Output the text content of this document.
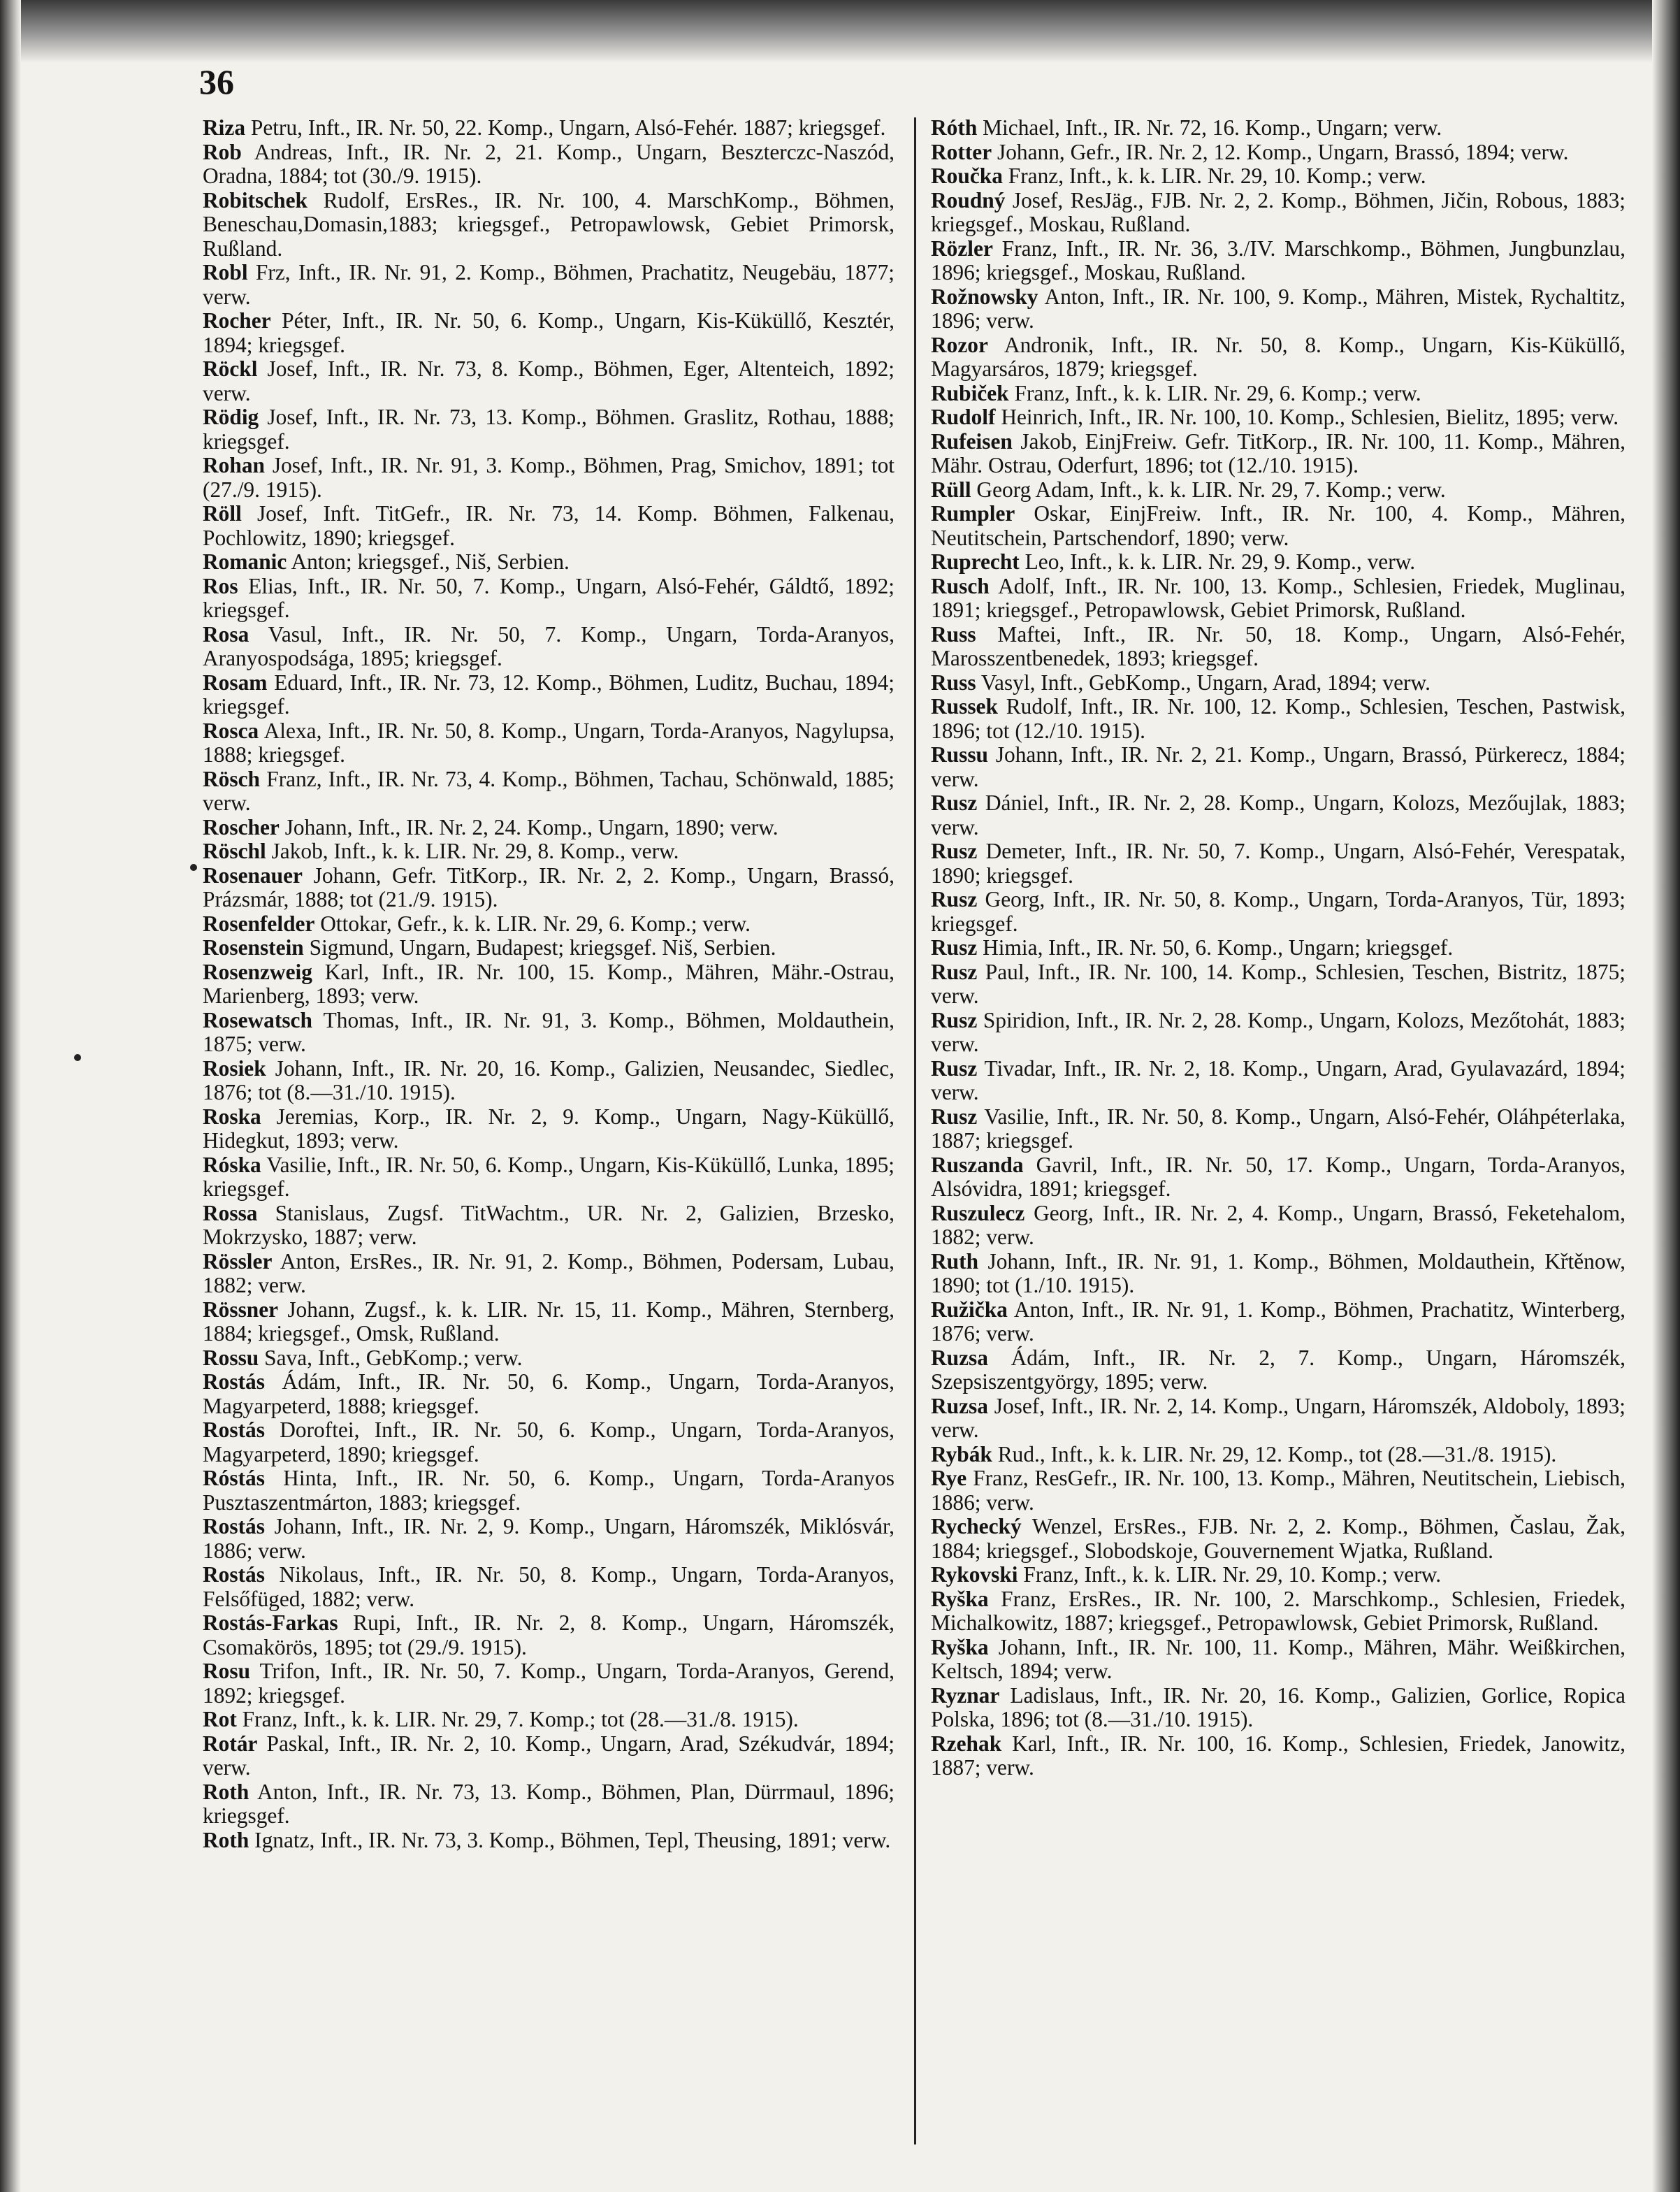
36
Riza Petru, Inft., IR. Nr. 50, 22. Komp., Ungarn, Alsó-Fehér. 1887; kriegsgef.
Rob Andreas, Inft., IR. Nr. 2, 21. Komp., Ungarn, Beszterczc-Naszód, Oradna, 1884; tot (30./9. 1915).
Robitschek Rudolf, ErsRes., IR. Nr. 100, 4. MarschKomp., Böhmen, Beneschau,Domasin,1883; kriegsgef., Petropawlowsk, Gebiet Primorsk, Rußland.
Robl Fr⁠z, Inft., IR. Nr. 91, 2. Komp., Böhmen, Prachatitz, Neugebäu, 1877; verw.
Rocher Péter, Inft., IR. Nr. 50, 6. Komp., Ungarn, Kis-Küküllő, Kesztér, 1894; kriegsgef.
Röckl Josef, Inft., IR. Nr. 73, 8. Komp., Böhmen, Eger, Altenteich, 1892; verw.
Rödig Josef, Inft., IR. Nr. 73, 13. Komp., Böhmen. Graslitz, Rothau, 1888; kriegsgef.
Rohan Josef, Inft., IR. Nr. 91, 3. Komp., Böhmen, Prag, Smichov, 1891; tot (27./9. 1915).
Röll Josef, Inft. TitGefr., IR. Nr. 73, 14. Komp. Böhmen, Falkenau, Pochlowitz, 1890; kriegsgef.
Romanic Anton; kriegsgef., Niš, Serbien.
Ros Elias, Inft., IR. Nr. 50, 7. Komp., Ungarn, Alsó-Fehér, Gáldtő, 1892; kriegsgef.
Rosa Vasul, Inft., IR. Nr. 50, 7. Komp., Ungarn, Torda-Aranyos, Aranyospodsága, 1895; kriegsgef.
Rosam Eduard, Inft., IR. Nr. 73, 12. Komp., Böhmen, Luditz, Buchau, 1894; kriegsgef.
Rosca Alexa, Inft., IR. Nr. 50, 8. Komp., Ungarn, Torda-Aranyos, Nagylupsa, 1888; kriegsgef.
Rösch Franz, Inft., IR. Nr. 73, 4. Komp., Böhmen, Tachau, Schönwald, 1885; verw.
Roscher Johann, Inft., IR. Nr. 2, 24. Komp., Ungarn, 1890; verw.
Röschl Jakob, Inft., k. k. LIR. Nr. 29, 8. Komp., verw.
Rosenauer Johann, Gefr. TitKorp., IR. Nr. 2, 2. Komp., Ungarn, Brassó, Prázsmár, 1888; tot (21./9. 1915).
Rosenfelder Ottokar, Gefr., k. k. LIR. Nr. 29, 6. Komp.; verw.
Rosenstein Sigmund, Ungarn, Budapest; kriegsgef. Niš, Serbien.
Rosenzweig Karl, Inft., IR. Nr. 100, 15. Komp., Mähren, Mähr.-Ostrau, Marienberg, 1893; verw.
Rosewatsch Thomas, Inft., IR. Nr. 91, 3. Komp., Böhmen, Moldauthein, 1875; verw.
Rosiek Johann, Inft., IR. Nr. 20, 16. Komp., Galizien, Neusandec, Siedlec, 1876; tot (8.—31./10. 1915).
Roska Jeremias, Korp., IR. Nr. 2, 9. Komp., Ungarn, Nagy-Küküllő, Hidegkut, 1893; verw.
Róska Vasilie, Inft., IR. Nr. 50, 6. Komp., Ungarn, Kis-Küküllő, Lunka, 1895; kriegsgef.
Rossa Stanislaus, Zugsf. TitWachtm., UR. Nr. 2, Galizien, Brzesko, Mokrzysko, 1887; verw.
Rössler Anton, ErsRes., IR. Nr. 91, 2. Komp., Böhmen, Podersam, Lubau, 1882; verw.
Rössner Johann, Zugsf., k. k. LIR. Nr. 15, 11. Komp., Mähren, Sternberg, 1884; kriegsgef., Omsk, Rußland.
Rossu Sava, Inft., GebKomp.; verw.
Rostás Ádám, Inft., IR. Nr. 50, 6. Komp., Ungarn, Torda-Aranyos, Magyarpeterd, 1888; kriegsgef.
Rostás Doroftei, Inft., IR. Nr. 50, 6. Komp., Ungarn, Torda-Aranyos, Magyarpeterd, 1890; kriegsgef.
Róstás Hinta, Inft., IR. Nr. 50, 6. Komp., Ungarn, Torda-Aranyos Pusztaszentmárton, 1883; kriegsgef.
Rostás Johann, Inft., IR. Nr. 2, 9. Komp., Ungarn, Háromszék, Miklósvár, 1886; verw.
Rostás Nikolaus, Inft., IR. Nr. 50, 8. Komp., Ungarn, Torda-Aranyos, Felsőfüged, 1882; verw.
Rostás-Farkas Rupi, Inft., IR. Nr. 2, 8. Komp., Ungarn, Háromszék, Csomakörös, 1895; tot (29./9. 1915).
Rosu Trifon, Inft., IR. Nr. 50, 7. Komp., Ungarn, Torda-Aranyos, Gerend, 1892; kriegsgef.
Rot Franz, Inft., k. k. LIR. Nr. 29, 7. Komp.; tot (28.—31./8. 1915).
Rotár Paskal, Inft., IR. Nr. 2, 10. Komp., Ungarn, Arad, Székudvár, 1894; verw.
Roth Anton, Inft., IR. Nr. 73, 13. Komp., Böhmen, Plan, Dürrmaul, 1896; kriegsgef.
Roth Ignatz, Inft., IR. Nr. 73, 3. Komp., Böhmen, Tepl, Theusing, 1891; verw.
Róth Michael, Inft., IR. Nr. 72, 16. Komp., Ungarn; verw.
Rotter Johann, Gefr., IR. Nr. 2, 12. Komp., Ungarn, Brassó, 1894; verw.
Roučka Franz, Inft., k. k. LIR. Nr. 29, 10. Komp.; verw.
Roudný Josef, ResJäg., FJB. Nr. 2, 2. Komp., Böhmen, Jičin, Robous, 1883; kriegsgef., Moskau, Rußland.
Rözler Franz, Inft., IR. Nr. 36, 3./IV. Marschkomp., Böhmen, Jungbunzlau, 1896; kriegsgef., Moskau, Rußland.
Rožnowsky Anton, Inft., IR. Nr. 100, 9. Komp., Mähren, Mistek, Rychaltitz, 1896; verw.
Rozor Andronik, Inft., IR. Nr. 50, 8. Komp., Ungarn, Kis-Küküllő, Magyarsáros, 1879; kriegsgef.
Rubiček Franz, Inft., k. k. LIR. Nr. 29, 6. Komp.; verw.
Rudolf Heinrich, Inft., IR. Nr. 100, 10. Komp., Schlesien, Bielitz, 1895; verw.
Rufeisen Jakob, EinjFreiw. Gefr. TitKorp., IR. Nr. 100, 11. Komp., Mähren, Mähr. Ostrau, Oderfurt, 1896; tot (12./10. 1915).
Rüll Georg Adam, Inft., k. k. LIR. Nr. 29, 7. Komp.; verw.
Rumpler Oskar, EinjFreiw. Inft., IR. Nr. 100, 4. Komp., Mähren, Neutitschein, Partschendorf, 1890; verw.
Ruprecht Leo, Inft., k. k. LIR. Nr. 29, 9. Komp., verw.
Rusch Adolf, Inft., IR. Nr. 100, 13. Komp., Schlesien, Friedek, Muglinau, 1891; kriegsgef., Petropawlowsk, Gebiet Primorsk, Rußland.
Russ Maftei, Inft., IR. Nr. 50, 18. Komp., Ungarn, Alsó-Fehér, Marosszentbenedek, 1893; kriegsgef.
Russ Vasyl, Inft., GebKomp., Ungarn, Arad, 1894; verw.
Russek Rudolf, Inft., IR. Nr. 100, 12. Komp., Schlesien, Teschen, Pastwisk, 1896; tot (12./10. 1915).
Russu Johann, Inft., IR. Nr. 2, 21. Komp., Ungarn, Brassó, Pürkerecz, 1884; verw.
Rusz Dániel, Inft., IR. Nr. 2, 28. Komp., Ungarn, Kolozs, Mezőujlak, 1883; verw.
Rusz Demeter, Inft., IR. Nr. 50, 7. Komp., Ungarn, Alsó-Fehér, Verespatak, 1890; kriegsgef.
Rusz Georg, Inft., IR. Nr. 50, 8. Komp., Ungarn, Torda-Aranyos, Tür, 1893; kriegsgef.
Rusz Himia, Inft., IR. Nr. 50, 6. Komp., Ungarn; kriegsgef.
Rusz Paul, Inft., IR. Nr. 100, 14. Komp., Schlesien, Teschen, Bistritz, 1875; verw.
Rusz Spiridion, Inft., IR. Nr. 2, 28. Komp., Ungarn, Kolozs, Mezőtohát, 1883; verw.
Rusz Tivadar, Inft., IR. Nr. 2, 18. Komp., Ungarn, Arad, Gyulavazárd, 1894; verw.
Rusz Vasilie, Inft., IR. Nr. 50, 8. Komp., Ungarn, Alsó-Fehér, Oláhpéterlaka, 1887; kriegsgef.
Ruszanda Gavril, Inft., IR. Nr. 50, 17. Komp., Ungarn, Torda-Aranyos, Alsóvidra, 1891; kriegsgef.
Ruszulecz Georg, Inft., IR. Nr. 2, 4. Komp., Ungarn, Brassó, Feketehalom, 1882; verw.
Ruth Johann, Inft., IR. Nr. 91, 1. Komp., Böhmen, Moldauthein, Křtěnow, 1890; tot (1./10. 1915).
Ružička Anton, Inft., IR. Nr. 91, 1. Komp., Böhmen, Prachatitz, Winterberg, 1876; verw.
Ruzsa Ádám, Inft., IR. Nr. 2, 7. Komp., Ungarn, Háromszék, Szepsiszentgyörgy, 1895; verw.
Ruzsa Josef, Inft., IR. Nr. 2, 14. Komp., Ungarn, Háromszék, Aldoboly, 1893; verw.
Rybák Rud., Inft., k. k. LIR. Nr. 29, 12. Komp., tot (28.—31./8. 1915).
Rye Franz, ResGefr., IR. Nr. 100, 13. Komp., Mähren, Neutitschein, Liebisch, 1886; verw.
Rychecký Wenzel, ErsRes., FJB. Nr. 2, 2. Komp., Böhmen, Časlau, Žak, 1884; kriegsgef., Slobodskoje, Gouvernement Wjatka, Rußland.
Rykovski Franz, Inft., k. k. LIR. Nr. 29, 10. Komp.; verw.
Ryška Franz, ErsRes., IR. Nr. 100, 2. Marschkomp., Schlesien, Friedek, Michalkowitz, 1887; kriegsgef., Petropawlowsk, Gebiet Primorsk, Rußland.
Ryška Johann, Inft., IR. Nr. 100, 11. Komp., Mähren, Mähr. Weißkirchen, Keltsch, 1894; verw.
Ryznar Ladislaus, Inft., IR. Nr. 20, 16. Komp., Galizien, Gorlice, Ropica Polska, 1896; tot (8.—31./10. 1915).
Rzehak Karl, Inft., IR. Nr. 100, 16. Komp., Schlesien, Friedek, Janowitz, 1887; verw.
